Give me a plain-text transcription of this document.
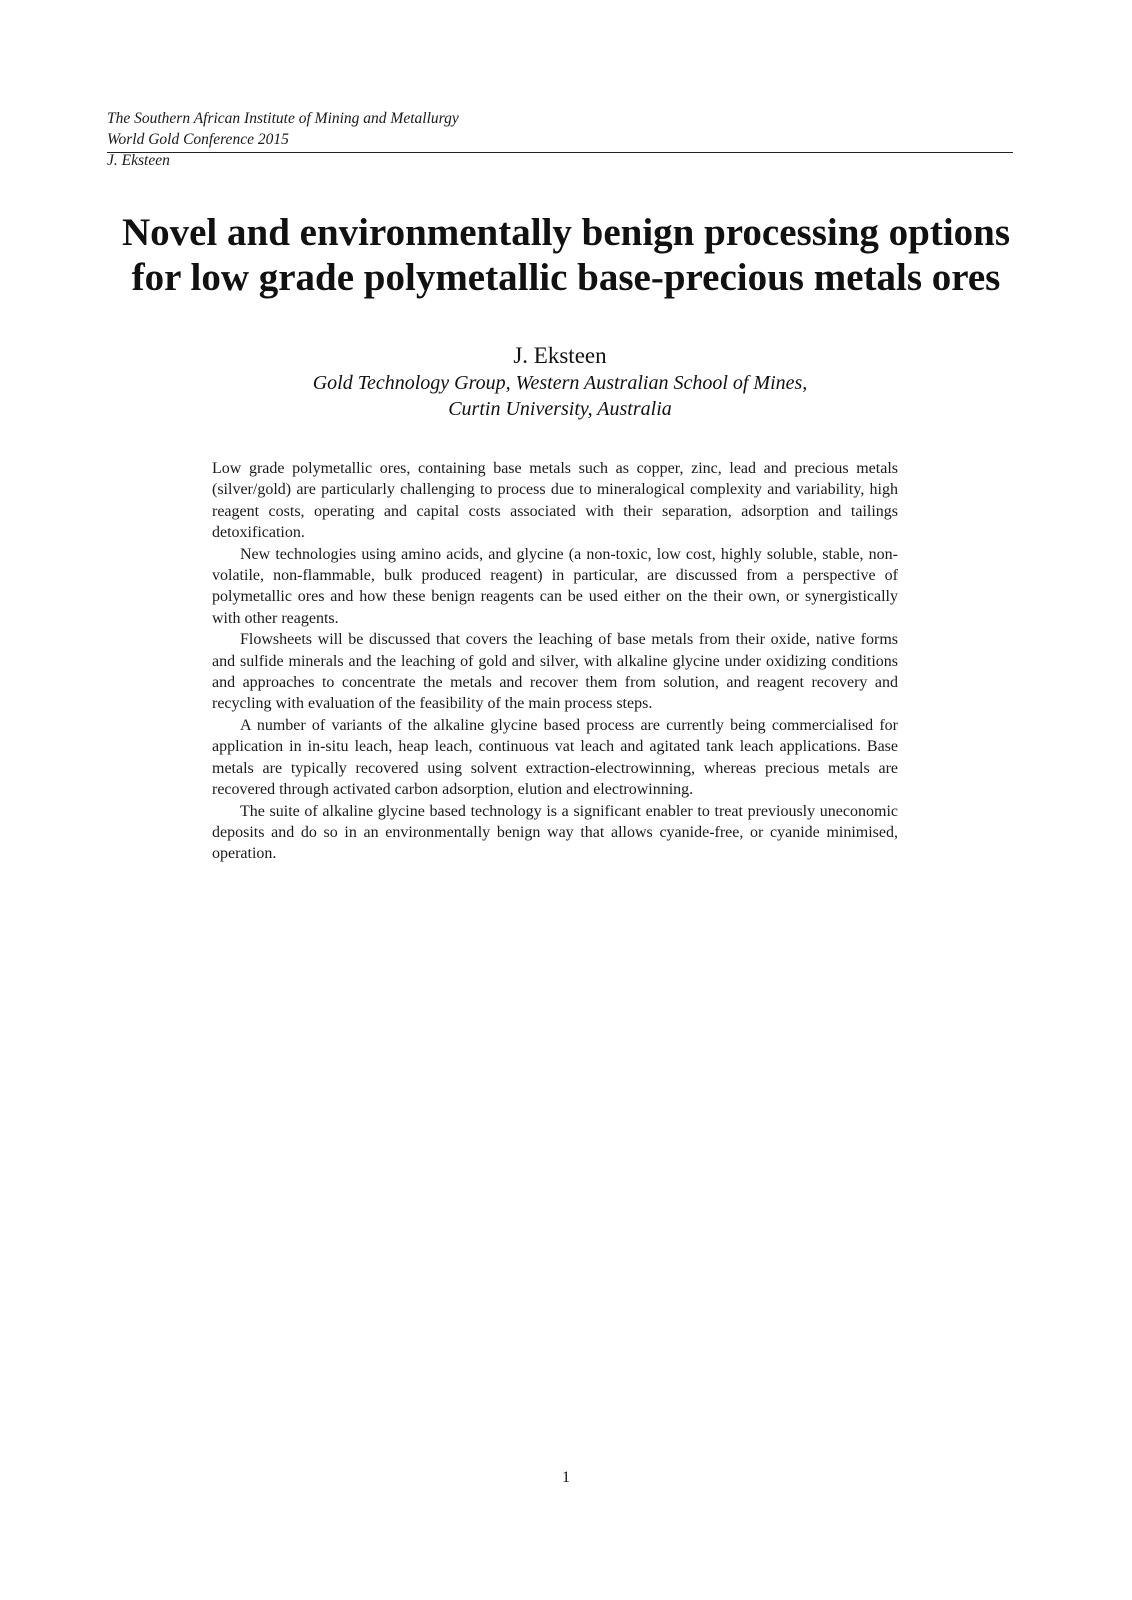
The Southern African Institute of Mining and Metallurgy
World Gold Conference 2015
J. Eksteen
Novel and environmentally benign processing options
for low grade polymetallic base-precious metals ores
J. Eksteen
Gold Technology Group, Western Australian School of Mines,
Curtin University, Australia

Low grade polymetallic ores, containing base metals such as copper, zinc, lead and precious metals (silver/gold) are particularly challenging to process due to mineralogical complexity and variability, high reagent costs, operating and capital costs associated with their separation, adsorption and tailings detoxification.

New technologies using amino acids, and glycine (a non-toxic, low cost, highly soluble, stable, non-volatile, non-flammable, bulk produced reagent) in particular, are discussed from a perspective of polymetallic ores and how these benign reagents can be used either on the their own, or synergistically with other reagents.

Flowsheets will be discussed that covers the leaching of base metals from their oxide, native forms and sulfide minerals and the leaching of gold and silver, with alkaline glycine under oxidizing conditions and approaches to concentrate the metals and recover them from solution, and reagent recovery and recycling with evaluation of the feasibility of the main process steps.

A number of variants of the alkaline glycine based process are currently being commercialised for application in in-situ leach, heap leach, continuous vat leach and agitated tank leach applications. Base metals are typically recovered using solvent extraction-electrowinning, whereas precious metals are recovered through activated carbon adsorption, elution and electrowinning.

The suite of alkaline glycine based technology is a significant enabler to treat previously uneconomic deposits and do so in an environmentally benign way that allows cyanide-free, or cyanide minimised, operation.

1
